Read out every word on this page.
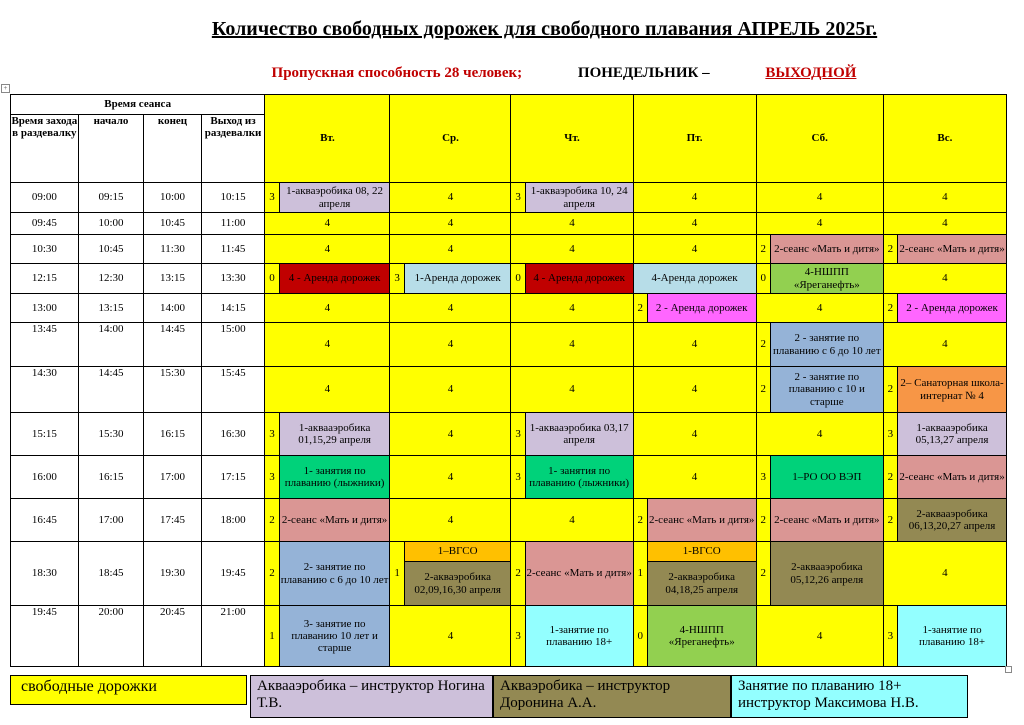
Количество свободных дорожек для свободного плавания АПРЕЛЬ 2025г.
Пропускная способность 28 человек;	ПОНЕДЕЛЬНИК –	ВЫХОДНОЙ
+
Время сеанса				Вт.		Ср.		Чт.		Пт.		Сб.		Вс.	
Время захода в раздевалку	начало	конец	Выход из раздевалки												
09:00	09:15	10:00	10:15	3	1-акваэробика 08, 22 апреля	4		3	1-акваэробика 10, 24 апреля	4		4		4	
09:45	10:00	10:45	11:00	4		4		4		4		4		4	
10:30	10:45	11:30	11:45	4		4		4		4		2	2-сеанс «Мать и дитя»	2	2-сеанс «Мать и дитя»
12:15	12:30	13:15	13:30	0	4 - Аренда дорожек	3	1-Аренда дорожек	0	4 - Аренда дорожек	4-Аренда дорожек		0	4-НШПП «Яреганефть»	4	
13:00	13:15	14:00	14:15	4		4		4		2	2 - Аренда дорожек	4		2	2 - Аренда дорожек
13:45	14:00	14:45	15:00	4		4		4		4		2	2 - занятие по плаванию с 6 до 10 лет	4	
14:30	14:45	15:30	15:45	4		4		4		4		2	2 - занятие по плаванию с 10 и старше	2	2– Санаторная школа-интернат № 4
15:15	15:30	16:15	16:30	3	1-аквааэробика 01,15,29 апреля	4		3	1-аквааэробика 03,17 апреля	4		4		3	1-аквааэробика 05,13,27 апреля
16:00	16:15	17:00	17:15	3	1- занятия по плаванию (лыжники)	4		3	1- занятия по плаванию (лыжники)	4		3	1–РО ОО ВЭП	2	2-сеанс «Мать и дитя»
16:45	17:00	17:45	18:00	2	2-сеанс «Мать и дитя»	4		4		2	2-сеанс «Мать и дитя»	2	2-сеанс «Мать и дитя»	2	2-аквааэробика 06,13,20,27 апреля
18:30	18:45	19:30	19:45	2	2- занятие по плаванию с 6 до 10 лет	1	1–ВГСО	2	2-сеанс «Мать и дитя»	1	1-ВГСО	2	2-аквааэробика 05,12,26 апреля	4	
							2-акваэробика 02,09,16,30 апреля				2-акваэробика 04,18,25 апреля				
19:45	20:00	20:45	21:00	1	3- занятие по плаванию 10 лет и старше	4		3	1-занятие по плаванию 18+	0	4-НШПП «Яреганефть»	4		3	1-занятие по плаванию 18+
свободные дорожки	Аквааэробика – инструктор Ногина Т.В.
Акваэробика – инструктор Доронина А.А.
Занятие по плаванию 18+ инструктор Максимова Н.В.
